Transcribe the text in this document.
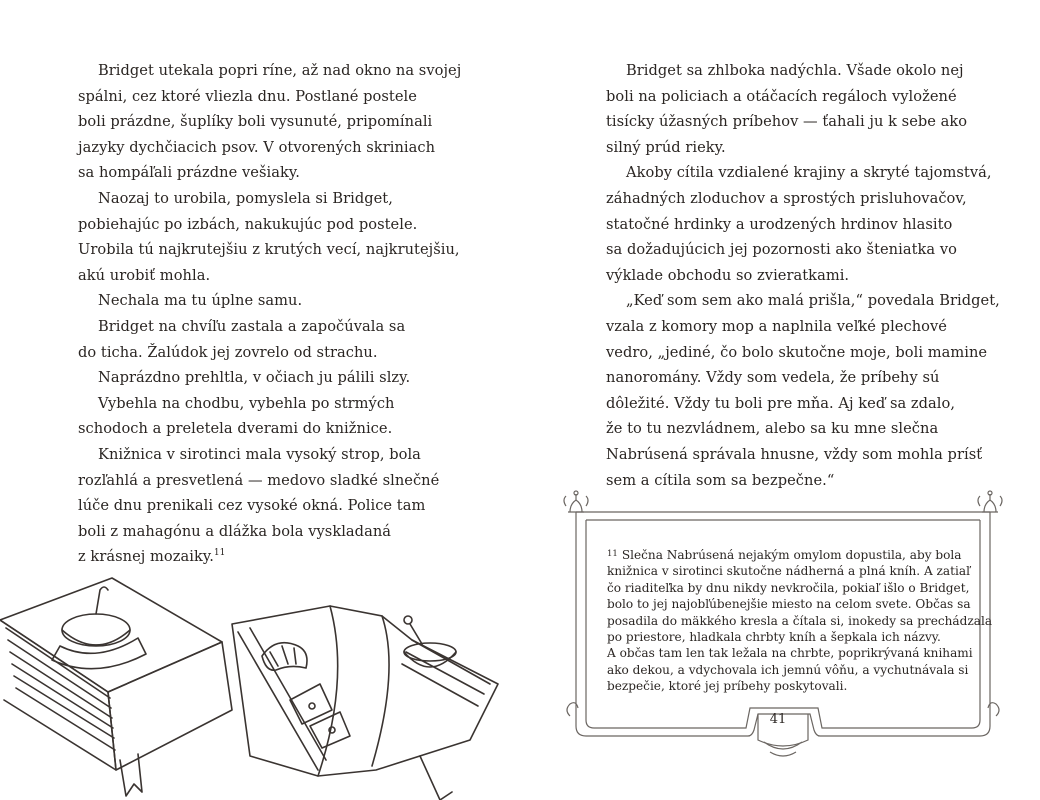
Bridget utekala popri ríne, až nad okno na svojej
spálni, cez ktoré vliezla dnu. Postlané postele
boli prázdne, šuplíky boli vysunuté, pripomínali
jazyky dychčiacich psov. V otvorených skriniach
sa hompáľali prázdne vešiaky.
Naozaj to urobila, pomyslela si Bridget,
pobiehajúc po izbách, nakukujúc pod postele.
Urobila tú najkrutejšiu z krutých vecí, najkrutejšiu,
akú urobiť mohla.
Nechala ma tu úplne samu.
Bridget na chvíľu zastala a započúvala sa
do ticha. Žalúdok jej zovrelo od strachu.
Naprázdno prehltla, v očiach ju pálili slzy.
Vybehla na chodbu, vybehla po strmých
schodoch a preletela dverami do knižnice.
Knižnica v sirotinci mala vysoký strop, bola
rozľahlá a presvetlená — medovo sladké slnečné
lúče dnu prenikali cez vysoké okná. Police tam
boli z mahagónu a dlážka bola vyskladaná
z krásnej mozaiky.$^{11}$
Bridget sa zhlboka nadýchla. Všade okolo nej
boli na policiach a otáčacích regáloch vyložené
tisícky úžasných príbehov — ťahali ju k sebe ako
silný prúd rieky.
Akoby cítila vzdialené krajiny a skryté tajomstvá,
záhadných zloduchov a sprostých prisluhovačov,
statočné hrdinky a urodzených hrdinov hlasito
sa dožadujúcich jej pozornosti ako šteniatka vo
výklade obchodu so zvieratkami.
„Keď som sem ako malá prišla,“ povedala Bridget,
vzala z komory mop a naplnila veľké plechové
vedro, „jediné, čo bolo skutočne moje, boli mamine
nanoromány. Vždy som vedela, že príbehy sú
dôležité. Vždy tu boli pre mňa. Aj keď sa zdalo,
že to tu nezvládnem, alebo sa ku mne slečna
Nabrúsená správala hnusne, vždy som mohla prísť
sem a cítila som sa bezpečne.“
$^{11}$ Slečna Nabrúsená nejakým omylom dopustila, aby bola
knižnica v sirotinci skutočne nádherná a plná kníh. A zatiaľ
čo riaditeľka by dnu nikdy nevkročila, pokiaľ išlo o Bridget,
bolo to jej najobľúbenejšie miesto na celom svete. Občas sa
posadila do mäkkého kresla a čítala si, inokedy sa prechádzala
po priestore, hladkala chrbty kníh a šepkala ich názvy.
A občas tam len tak ležala na chrbte, poprikrývaná knihami
ako dekou, a vdychovala ich jemnú vôňu, a vychutnávala si
bezpečie, ktoré jej príbehy poskytovali.
41
